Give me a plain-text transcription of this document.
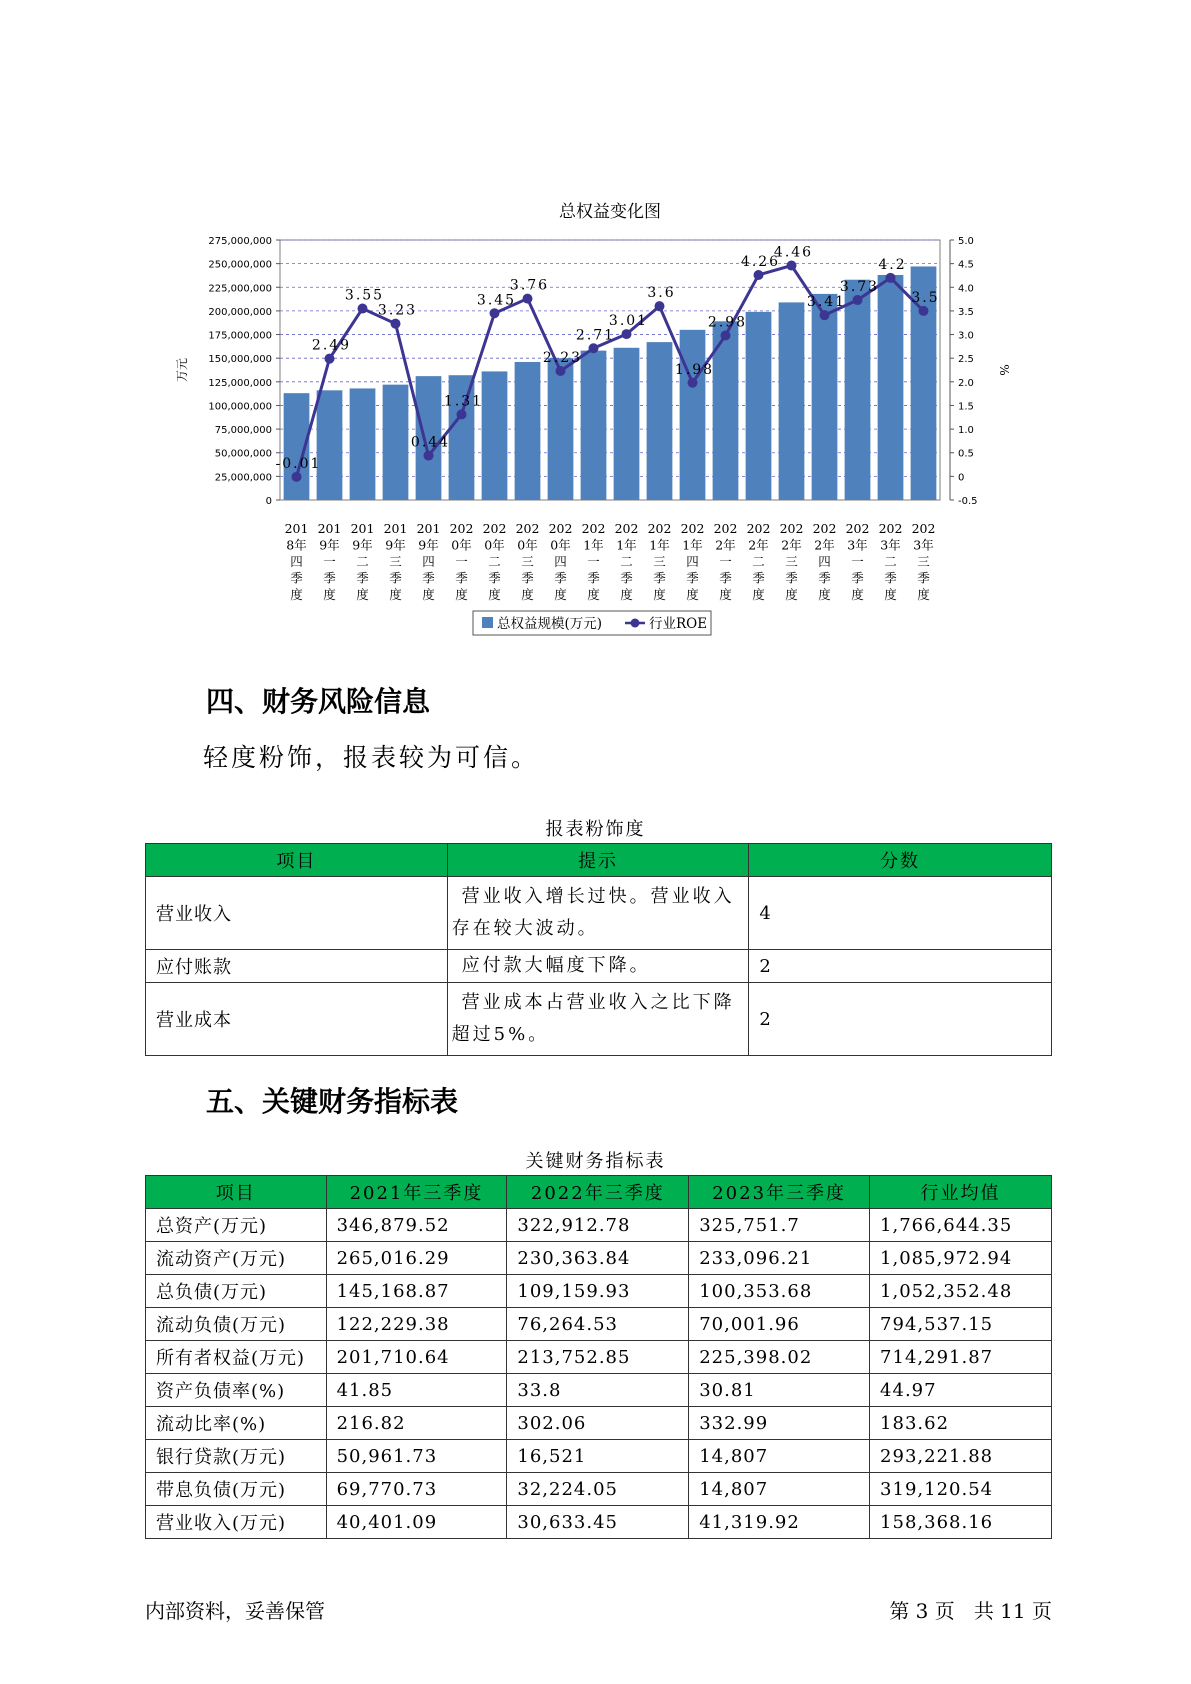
总权益变化图
0
25,000,000
50,000,000
75,000,000
100,000,000
125,000,000
150,000,000
175,000,000
200,000,000
225,000,000
250,000,000
275,000,000
-0.5
0
0.5
1.0
1.5
2.0
2.5
3.0
3.5
4.0
4.5
5.0
万元	%
-0.01
2.49
3.55
3.23
0.44
1.31
3.45
3.76
2.23
2.71
3.01
3.6
1.98
2.98
4.26
4.46
3.41
3.73
4.2
3.5
201
8年
四
季
度
201
9年
一
季
度
201
9年
二
季
度
201
9年
三
季
度
201
9年
四
季
度
202
0年
一
季
度
202
0年
二
季
度
202
0年
三
季
度
202
0年
四
季
度
202
1年
一
季
度
202
1年
二
季
度
202
1年
三
季
度
202
1年
四
季
度
202
2年
一
季
度
202
2年
二
季
度
202
2年
三
季
度
202
2年
四
季
度
202
3年
一
季
度
202
3年
二
季
度
202
3年
三
季
度
总权益规模(万元)	行业ROE
四、财务风险信息

轻度粉饰，报表较为可信。

报表粉饰度
项目	提示	分数
营业收入	营业收入增长过快。营业收入存在较大波动。	4
应付账款	应付款大幅度下降。	2
营业成本	营业成本占营业收入之比下降超过5%。	2
五、关键财务指标表
关键财务指标表
项目	2021年三季度	2022年三季度	2023年三季度	行业均值
总资产(万元)	346,879.52	322,912.78	325,751.7	1,766,644.35
流动资产(万元)	265,016.29	230,363.84	233,096.21	1,085,972.94
总负债(万元)	145,168.87	109,159.93	100,353.68	1,052,352.48
流动负债(万元)	122,229.38	76,264.53	70,001.96	794,537.15
所有者权益(万元)	201,710.64	213,752.85	225,398.02	714,291.87
资产负债率(%)	41.85	33.8	30.81	44.97
流动比率(%)	216.82	302.06	332.99	183.62
银行贷款(万元)	50,961.73	16,521	14,807	293,221.88
带息负债(万元)	69,770.73	32,224.05	14,807	319,120.54
营业收入(万元)	40,401.09	30,633.45	41,319.92	158,368.16
内部资料，妥善保管	第 3 页   共 11 页
